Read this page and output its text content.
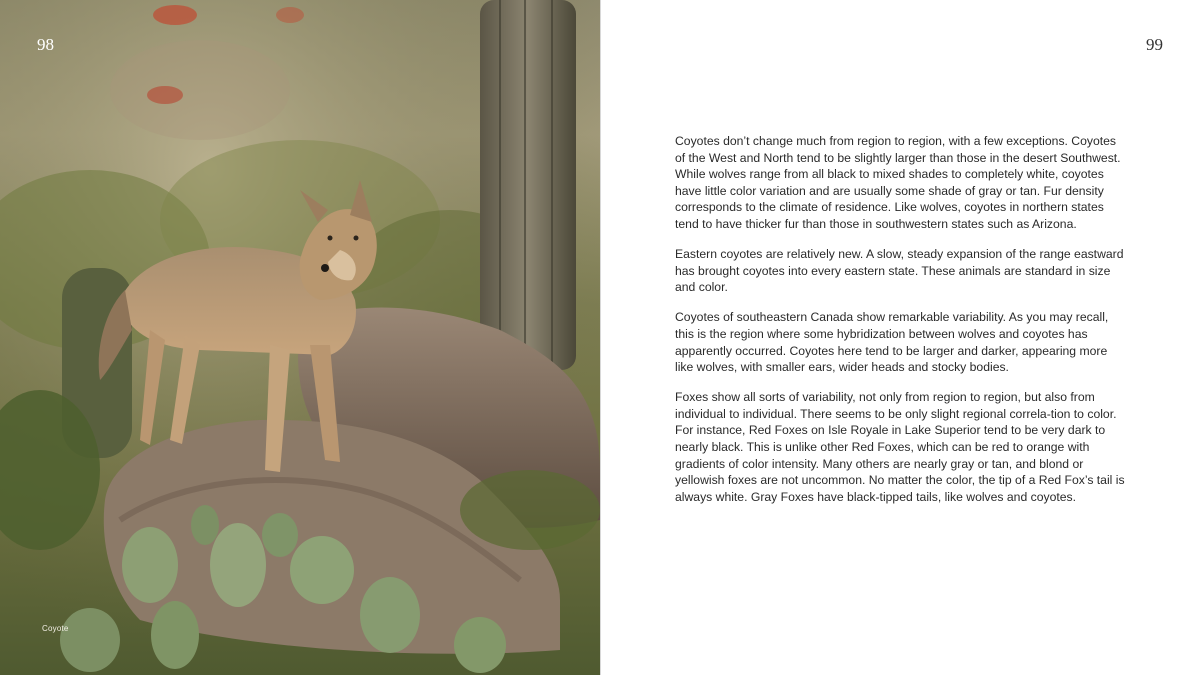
98
Coyote
99

Coyotes don’t change much from region to region, with a few exceptions. Coyotes of the West and North tend to be slightly larger than those in the desert Southwest. While wolves range from all black to mixed shades to completely white, coyotes have little color variation and are usually some shade of gray or tan. Fur density corresponds to the climate of residence. Like wolves, coyotes in northern states tend to have thicker fur than those in southwestern states such as Arizona.

Eastern coyotes are relatively new. A slow, steady expansion of the range eastward has brought coyotes into every eastern state. These animals are standard in size and color.

Coyotes of southeastern Canada show remarkable variability. As you may recall, this is the region where some hybridization between wolves and coyotes has apparently occurred. Coyotes here tend to be larger and darker, appearing more like wolves, with smaller ears, wider heads and stocky bodies.

Foxes show all sorts of variability, not only from region to region, but also from individual to individual. There seems to be only slight regional correla-tion to color. For instance, Red Foxes on Isle Royale in Lake Superior tend to be very dark to nearly black. This is unlike other Red Foxes, which can be red to orange with gradients of color intensity. Many others are nearly gray or tan, and blond or yellowish foxes are not uncommon. No matter the color, the tip of a Red Fox’s tail is always white. Gray Foxes have black-tipped tails, like wolves and coyotes.
